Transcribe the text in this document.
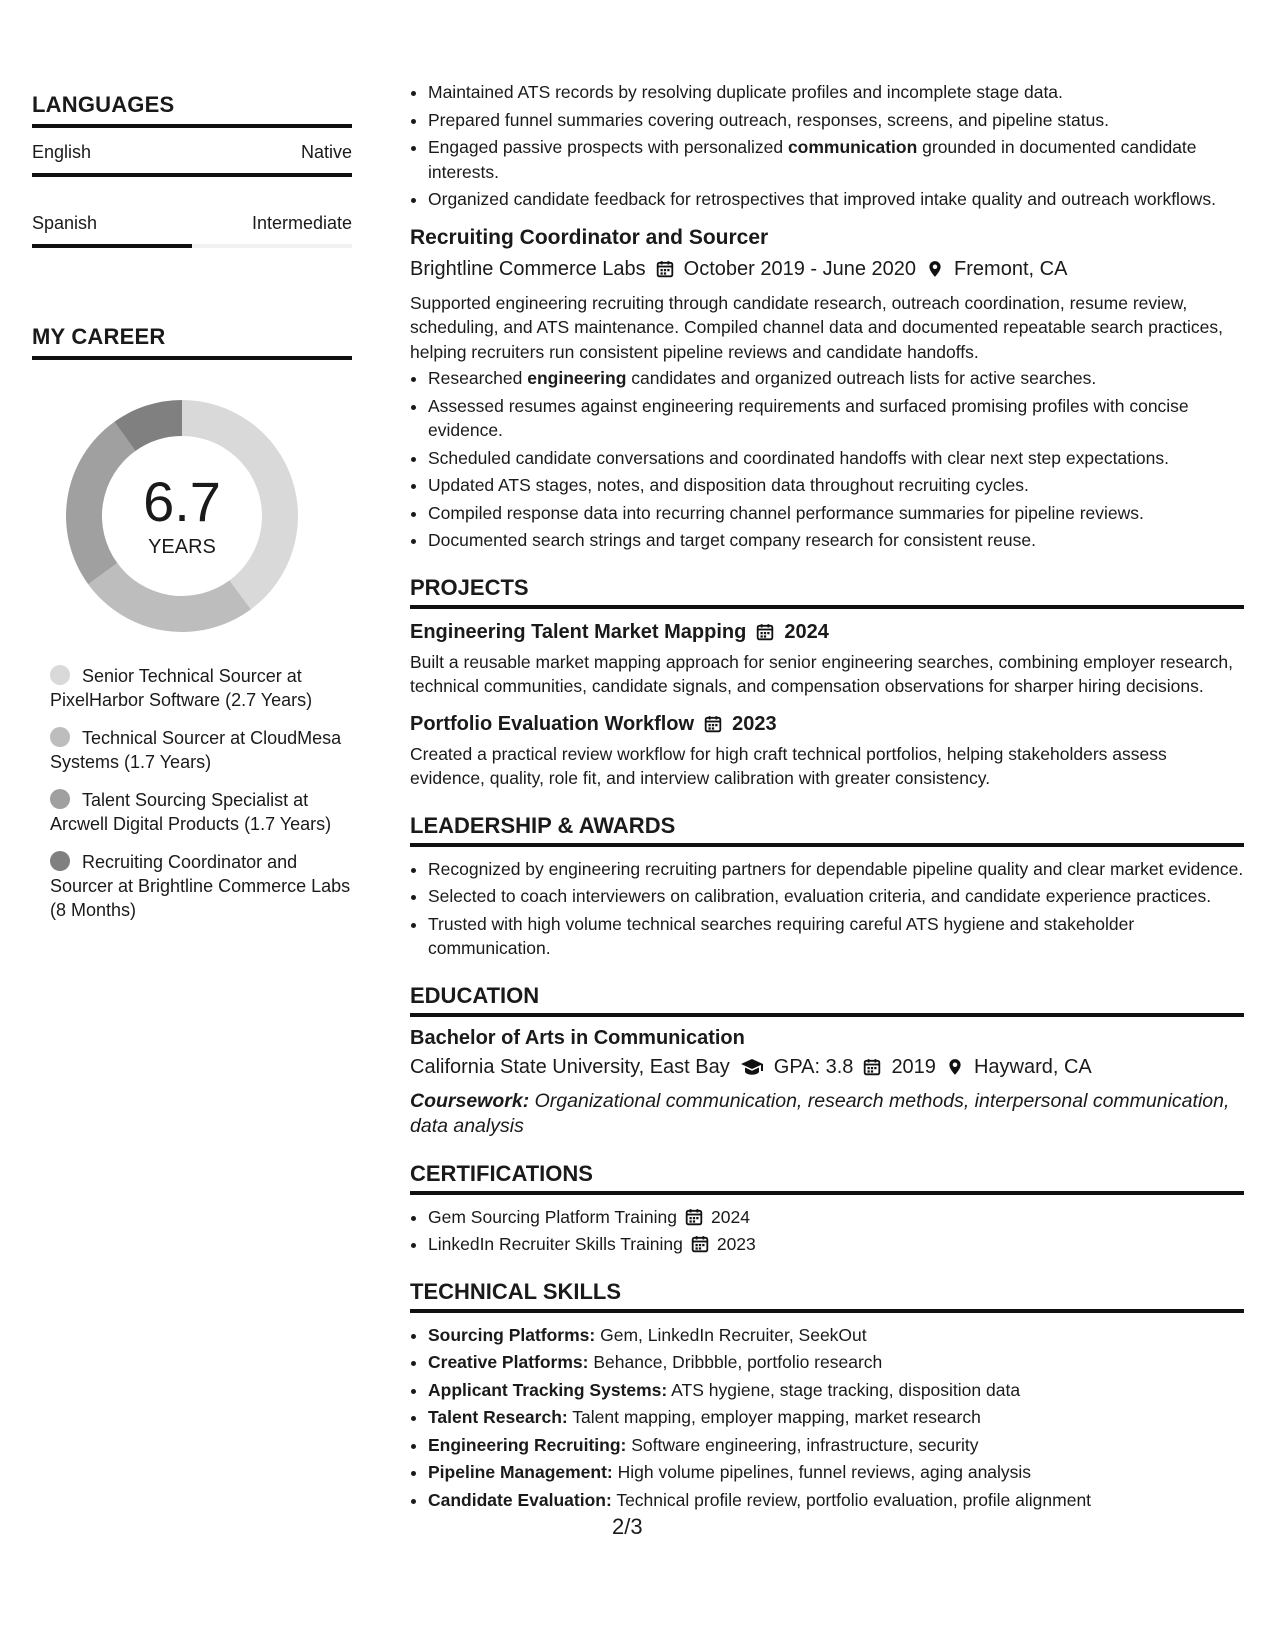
LANGUAGES
English	Native
Spanish	Intermediate
MY CAREER
6.7
YEARS
Senior Technical Sourcer at PixelHarbor Software (2.7 Years)
Technical Sourcer at CloudMesa Systems (1.7 Years)
Talent Sourcing Specialist at Arcwell Digital Products (1.7 Years)
Recruiting Coordinator and Sourcer at Brightline Commerce Labs (8 Months)
• Maintained ATS records by resolving duplicate profiles and incomplete stage data.
• Prepared funnel summaries covering outreach, responses, screens, and pipeline status.
• Engaged passive prospects with personalized communication grounded in documented candidate interests.
• Organized candidate feedback for retrospectives that improved intake quality and outreach workflows.
Recruiting Coordinator and Sourcer
Brightline Commerce Labs October 2019 - June 2020 Fremont, CA

Supported engineering recruiting through candidate research, outreach coordination, resume review, scheduling, and ATS maintenance. Compiled channel data and documented repeatable search practices, helping recruiters run consistent pipeline reviews and candidate handoffs.

• Researched engineering candidates and organized outreach lists for active searches.
• Assessed resumes against engineering requirements and surfaced promising profiles with concise evidence.
• Scheduled candidate conversations and coordinated handoffs with clear next step expectations.
• Updated ATS stages, notes, and disposition data throughout recruiting cycles.
• Compiled response data into recurring channel performance summaries for pipeline reviews.
• Documented search strings and target company research for consistent reuse.
PROJECTS
Engineering Talent Market Mapping 2024

Built a reusable market mapping approach for senior engineering searches, combining employer research, technical communities, candidate signals, and compensation observations for sharper hiring decisions.

Portfolio Evaluation Workflow 2023

Created a practical review workflow for high craft technical portfolios, helping stakeholders assess evidence, quality, role fit, and interview calibration with greater consistency.

LEADERSHIP & AWARDS
• Recognized by engineering recruiting partners for dependable pipeline quality and clear market evidence.
• Selected to coach interviewers on calibration, evaluation criteria, and candidate experience practices.
• Trusted with high volume technical searches requiring careful ATS hygiene and stakeholder communication.
EDUCATION
Bachelor of Arts in Communication
California State University, East Bay GPA: 3.8 2019 Hayward, CA
Coursework: Organizational communication, research methods, interpersonal communication, data analysis
CERTIFICATIONS
• Gem Sourcing Platform Training 2024
• LinkedIn Recruiter Skills Training 2023
TECHNICAL SKILLS
• Sourcing Platforms: Gem, LinkedIn Recruiter, SeekOut
• Creative Platforms: Behance, Dribbble, portfolio research
• Applicant Tracking Systems: ATS hygiene, stage tracking, disposition data
• Talent Research: Talent mapping, employer mapping, market research
• Engineering Recruiting: Software engineering, infrastructure, security
• Pipeline Management: High volume pipelines, funnel reviews, aging analysis
• Candidate Evaluation: Technical profile review, portfolio evaluation, profile alignment
2/3
